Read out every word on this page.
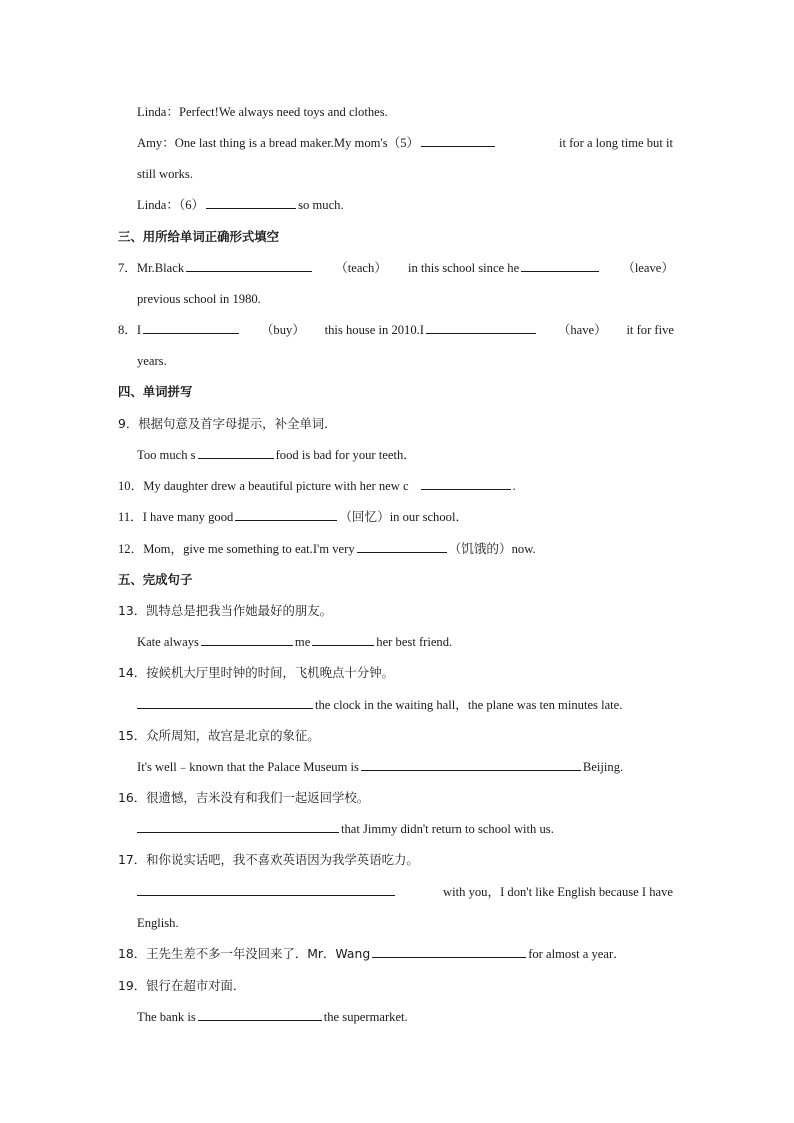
Linda：Perfect!We always need toys and clothes.
Amy：One last thing is a bread maker.My mom's（5）	it for a long time but it
still works.
Linda：（6）	so much.
三、用所给单词正确形式填空
7．Mr.Black	（teach） in this school since he	（leave）
previous school in 1980.
8．I	（buy） this house in 2010.I	（have） it for five
years.
四、单词拼写
9．根据句意及首字母提示，补全单词．
Too much s	food is bad for your teeth．
10．My daughter drew a beautiful picture with her new c	.
11．I have many good	（回忆）in our school．
12．Mom，give me something to eat.I'm very	（饥饿的）now.
五、完成句子
13．凯特总是把我当作她最好的朋友。
Kate always	me	her best friend.
14．按候机大厅里时钟的时间，飞机晚点十分钟。
the clock in the waiting hall，the plane was ten minutes late.
15．众所周知，故宫是北京的象征。
It's well﹣known that the Palace Museum is	Beijing.
16．很遗憾，吉米没有和我们一起返回学校。
that Jimmy didn't return to school with us.
17．和你说实话吧，我不喜欢英语因为我学英语吃力。
with you，I don't like English because I have
English.
18．王先生差不多一年没回来了．Mr．Wang	for almost a year．
19．银行在超市对面．
The bank is	the supermarket.
